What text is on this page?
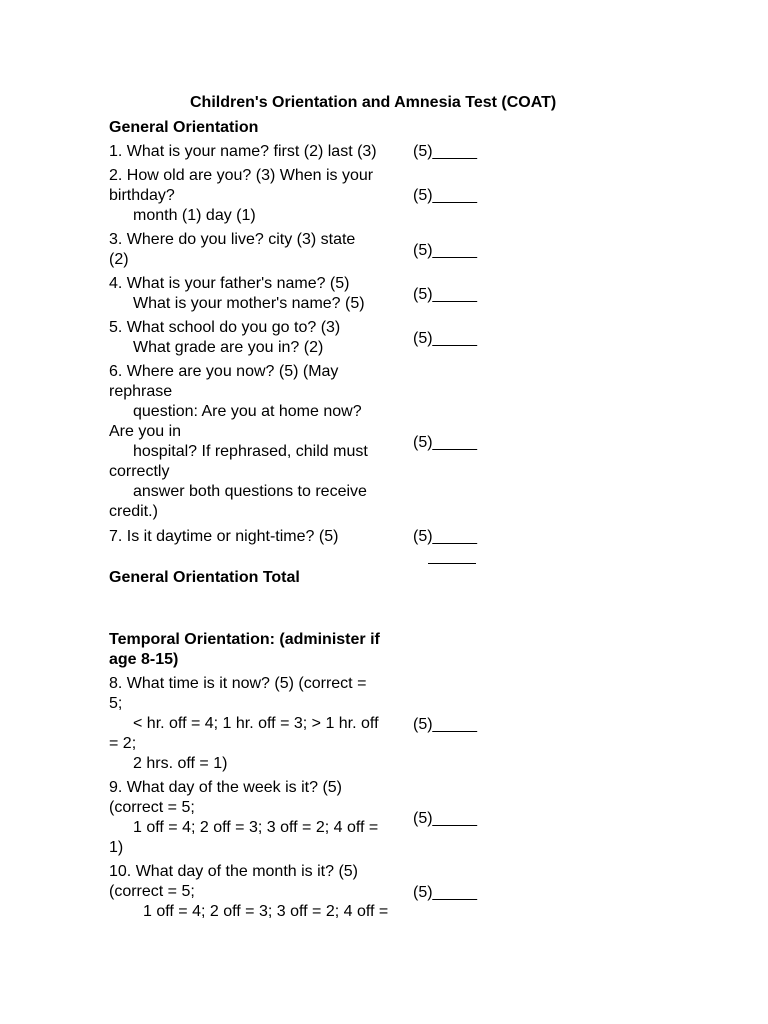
Children's Orientation and Amnesia Test (COAT)
General Orientation
1. What is your name? first (2) last (3)	(5)_____
2. How old are you? (3) When is your
birthday?
month (1) day (1)
(5)_____
3. Where do you live? city (3) state
(2)
(5)_____
4. What is your father's name? (5)
What is your mother's name? (5)
(5)_____
5. What school do you go to? (3)
What grade are you in? (2)
(5)_____
6. Where are you now? (5) (May
rephrase
question: Are you at home now?
Are you in
hospital? If rephrased, child must
correctly
answer both questions to receive
credit.)
(5)_____
7. Is it daytime or night-time? (5)	(5)_____
General Orientation Total
Temporal Orientation: (administer if
age 8-15)
8. What time is it now? (5) (correct =
5;
< hr. off = 4; 1 hr. off = 3; > 1 hr. off
= 2;
2 hrs. off = 1)
(5)_____
9. What day of the week is it? (5)
(correct = 5;
1 off = 4; 2 off = 3; 3 off = 2; 4 off =
1)
(5)_____
10. What day of the month is it? (5)
(correct = 5;
1 off = 4; 2 off = 3; 3 off = 2; 4 off =
(5)_____
